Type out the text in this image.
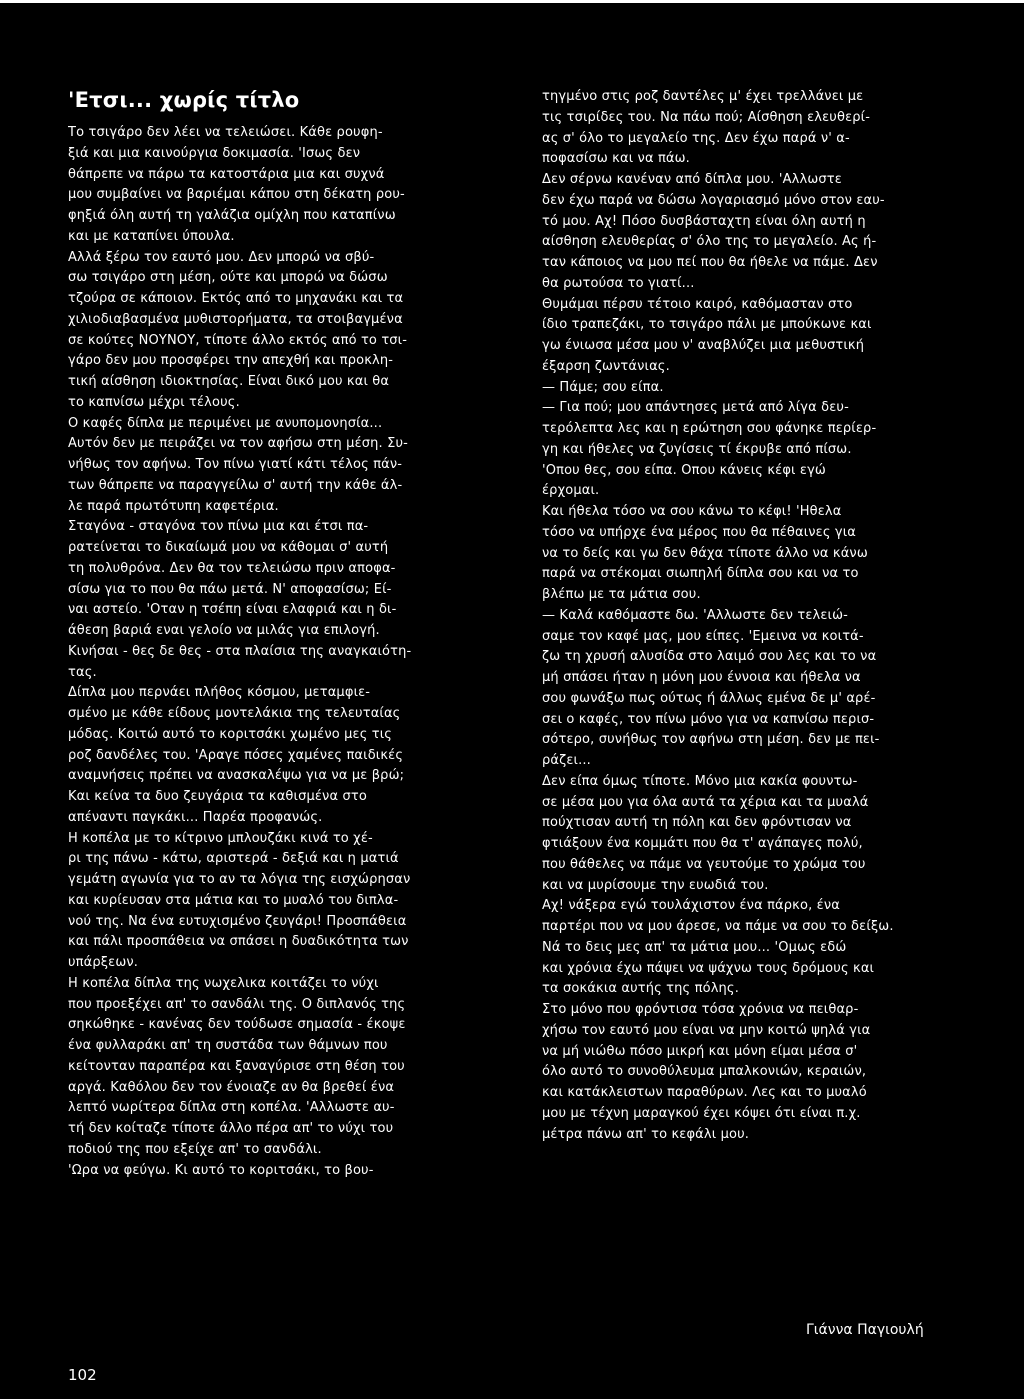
'Ετσι... χωρίς τίτλο
Το τσιγάρο δεν λέει να τελειώσει. Κάθε ρουφη-
ξιά και μια καινούργια δοκιμασία. 'Ισως δεν
θάπρεπε να πάρω τα κατοστάρια μια και συχνά
μου συμβαίνει να βαριέμαι κάπου στη δέκατη ρου-
φηξιά όλη αυτή τη γαλάζια ομίχλη που καταπίνω
και με καταπίνει ύπουλα.
Αλλά ξέρω τον εαυτό μου. Δεν μπορώ να σβύ-
σω τσιγάρο στη μέση, ούτε και μπορώ να δώσω
τζούρα σε κάποιον. Εκτός από το μηχανάκι και τα
χιλιοδιαβασμένα μυθιστορήματα, τα στοιβαγμένα
σε κούτες ΝΟΥΝΟΥ, τίποτε άλλο εκτός από το τσι-
γάρο δεν μου προσφέρει την απεχθή και προκλη-
τική αίσθηση ιδιοκτησίας. Είναι δικό μου και θα
το καπνίσω μέχρι τέλους.
Ο καφές δίπλα με περιμένει με ανυπομονησία...
Αυτόν δεν με πειράζει να τον αφήσω στη μέση. Συ-
νήθως τον αφήνω. Τον πίνω γιατί κάτι τέλος πάν-
των θάπρεπε να παραγγείλω σ' αυτή την κάθε άλ-
λε παρά πρωτότυπη καφετέρια.
Σταγόνα - σταγόνα τον πίνω μια και έτσι πα-
ρατείνεται το δικαίωμά μου να κάθομαι σ' αυτή
τη πολυθρόνα. Δεν θα τον τελειώσω πριν αποφα-
σίσω για το που θα πάω μετά. Ν' αποφασίσω; Εί-
ναι αστείο. 'Οταν η τσέπη είναι ελαφριά και η δι-
άθεση βαριά εναι γελοίο να μιλάς για επιλογή.
Κινήσαι - θες δε θες - στα πλαίσια της αναγκαιότη-
τας.
Δίπλα μου περνάει πλήθος κόσμου, μεταμφιε-
σμένο με κάθε είδους μοντελάκια της τελευταίας
μόδας. Κοιτώ αυτό το κοριτσάκι χωμένο μες τις
ροζ δανδέλες του. 'Αραγε πόσες χαμένες παιδικές
αναμνήσεις πρέπει να ανασκαλέψω για να με βρώ;
Και κείνα τα δυο ζευγάρια τα καθισμένα στο
απέναντι παγκάκι... Παρέα προφανώς.
Η κοπέλα με το κίτρινο μπλουζάκι κινά το χέ-
ρι της πάνω - κάτω, αριστερά - δεξιά και η ματιά
γεμάτη αγωνία για το αν τα λόγια της εισχώρησαν
και κυρίευσαν στα μάτια και το μυαλό του διπλα-
νού της. Να ένα ευτυχισμένο ζευγάρι! Προσπάθεια
και πάλι προσπάθεια να σπάσει η δυαδικότητα των
υπάρξεων.
Η κοπέλα δίπλα της νωχελικα κοιτάζει το νύχι
που προεξέχει απ' το σανδάλι της. Ο διπλανός της
σηκώθηκε - κανένας δεν τούδωσε σημασία - έκοψε
ένα φυλλαράκι απ' τη συστάδα των θάμνων που
κείτονταν παραπέρα και ξαναγύρισε στη θέση του
αργά. Καθόλου δεν τον ένοιαζε αν θα βρεθεί ένα
λεπτό νωρίτερα δίπλα στη κοπέλα. 'Αλλωστε αυ-
τή δεν κοίταζε τίποτε άλλο πέρα απ' το νύχι του
ποδιού της που εξείχε απ' το σανδάλι.
'Ωρα να φεύγω. Κι αυτό το κοριτσάκι, το βου-
τηγμένο στις ροζ δαντέλες μ' έχει τρελλάνει με
τις τσιρίδες του. Να πάω πού; Αίσθηση ελευθερί-
ας σ' όλο το μεγαλείο της. Δεν έχω παρά ν' α-
ποφασίσω και να πάω.
Δεν σέρνω κανέναν από δίπλα μου. 'Αλλωστε
δεν έχω παρά να δώσω λογαριασμό μόνο στον εαυ-
τό μου. Αχ! Πόσο δυσβάσταχτη είναι όλη αυτή η
αίσθηση ελευθερίας σ' όλο της το μεγαλείο. Ας ή-
ταν κάποιος να μου πεί που θα ήθελε να πάμε. Δεν
θα ρωτούσα το γιατί...
Θυμάμαι πέρσυ τέτοιο καιρό, καθόμασταν στο
ίδιο τραπεζάκι, το τσιγάρο πάλι με μπούκωνε και
γω ένιωσα μέσα μου ν' αναβλύζει μια μεθυστική
έξαρση ζωντάνιας.
— Πάμε; σου είπα.
— Για πού; μου απάντησες μετά από λίγα δευ-
τερόλεπτα λες και η ερώτηση σου φάνηκε περίερ-
γη και ήθελες να ζυγίσεις τί έκρυβε από πίσω.
'Οπου θες, σου είπα. Οπου κάνεις κέφι εγώ
έρχομαι.
Και ήθελα τόσο να σου κάνω το κέφι! 'Ηθελα
τόσο να υπήρχε ένα μέρος που θα πέθαινες για
να το δείς και γω δεν θάχα τίποτε άλλο να κάνω
παρά να στέκομαι σιωπηλή δίπλα σου και να το
βλέπω με τα μάτια σου.
— Καλά καθόμαστε δω. 'Αλλωστε δεν τελειώ-
σαμε τον καφέ μας, μου είπες. 'Εμεινα να κοιτά-
ζω τη χρυσή αλυσίδα στο λαιμό σου λες και το να
μή σπάσει ήταν η μόνη μου έννοια και ήθελα να
σου φωνάξω πως ούτως ή άλλως εμένα δε μ' αρέ-
σει ο καφές, τον πίνω μόνο για να καπνίσω περισ-
σότερο, συνήθως τον αφήνω στη μέση. δεν με πει-
ράζει...
Δεν είπα όμως τίποτε. Μόνο μια κακία φουντω-
σε μέσα μου για όλα αυτά τα χέρια και τα μυαλά
πούχτισαν αυτή τη πόλη και δεν φρόντισαν να
φτιάξουν ένα κομμάτι που θα τ' αγάπαγες πολύ,
που θάθελες να πάμε να γευτούμε το χρώμα του
και να μυρίσουμε την ευωδιά του.
Αχ! νάξερα εγώ τουλάχιστον ένα πάρκο, ένα
παρτέρι που να μου άρεσε, να πάμε να σου το δείξω.
Νά το δεις μες απ' τα μάτια μου... 'Ομως εδώ
και χρόνια έχω πάψει να ψάχνω τους δρόμους και
τα σοκάκια αυτής της πόλης.
Στο μόνο που φρόντισα τόσα χρόνια να πειθαρ-
χήσω τον εαυτό μου είναι να μην κοιτώ ψηλά για
να μή νιώθω πόσο μικρή και μόνη είμαι μέσα σ'
όλο αυτό το συνοθύλευμα μπαλκονιών, κεραιών,
και κατάκλειστων παραθύρων. Λες και το μυαλό
μου με τέχνη μαραγκού έχει κόψει ότι είναι π.χ.
μέτρα πάνω απ' το κεφάλι μου.
Γιάννα Παγιουλή
102
